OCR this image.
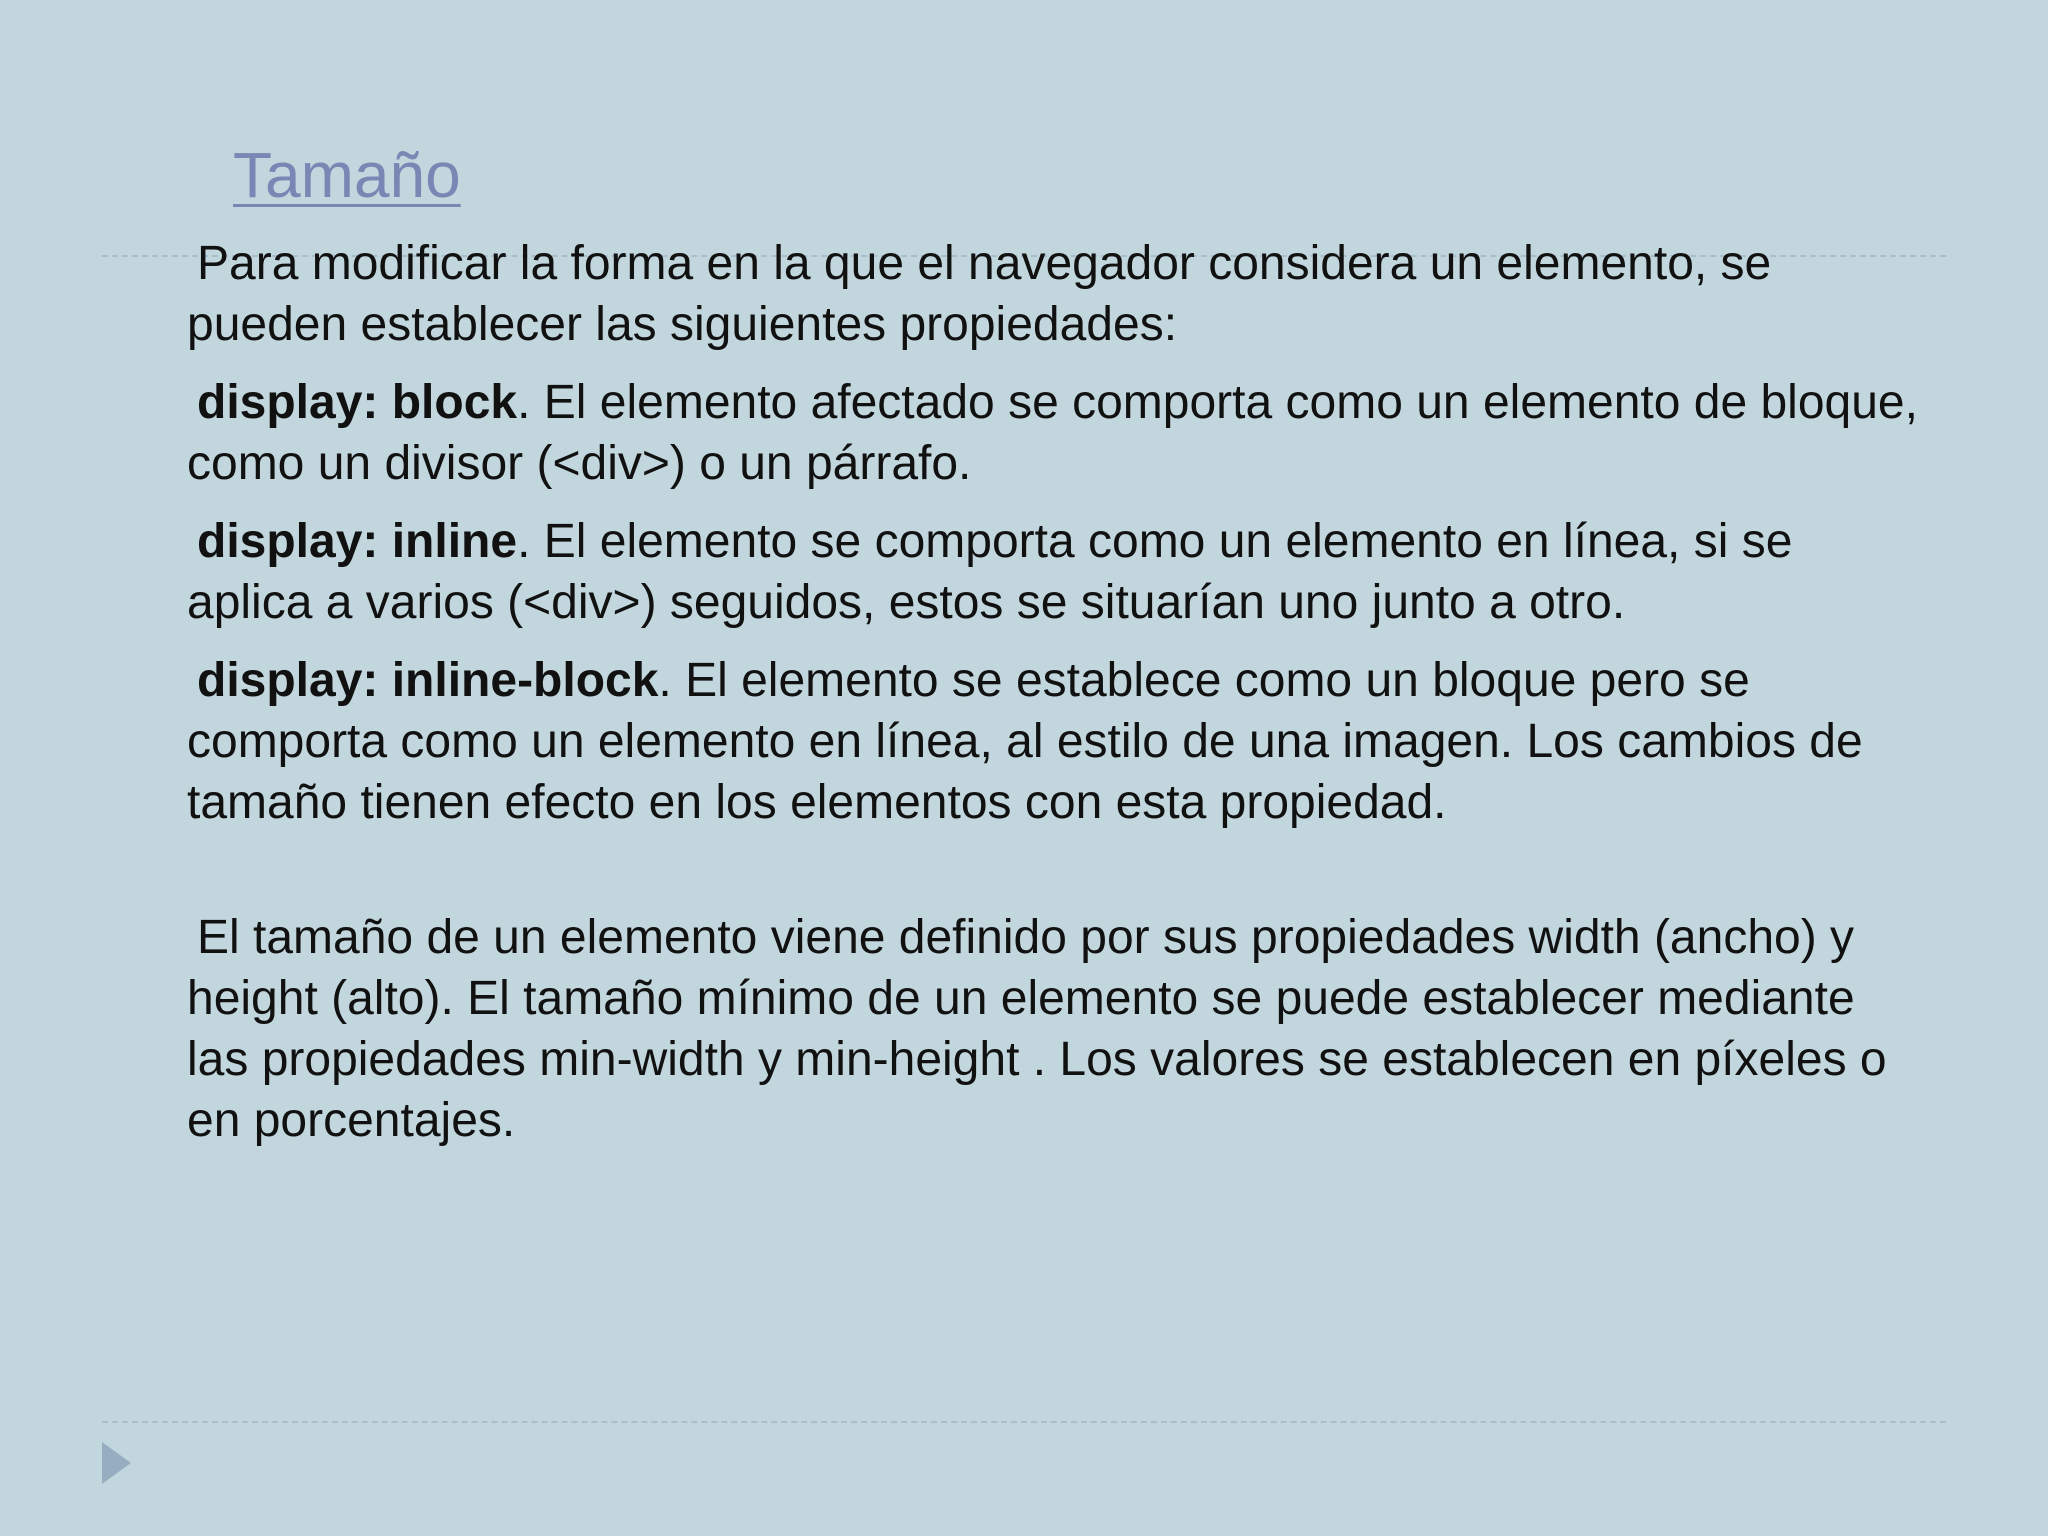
Tamaño

Para modificar la forma en la que el navegador considera un elemento, se pueden establecer las siguientes propiedades:

display: block. El elemento afectado se comporta como un elemento de bloque, como un divisor (<div>) o un párrafo.

display: inline. El elemento se comporta como un elemento en línea, si se aplica a varios (<div>) seguidos, estos se situarían uno junto a otro.

display: inline-block. El elemento se establece como un bloque pero se comporta como un elemento en línea, al estilo de una imagen. Los cambios de tamaño tienen efecto en los elementos con esta propiedad.

El tamaño de un elemento viene definido por sus propiedades width (ancho) y height (alto). El tamaño mínimo de un elemento se puede establecer mediante las propiedades min-width y min-height . Los valores se establecen en píxeles o en porcentajes.
